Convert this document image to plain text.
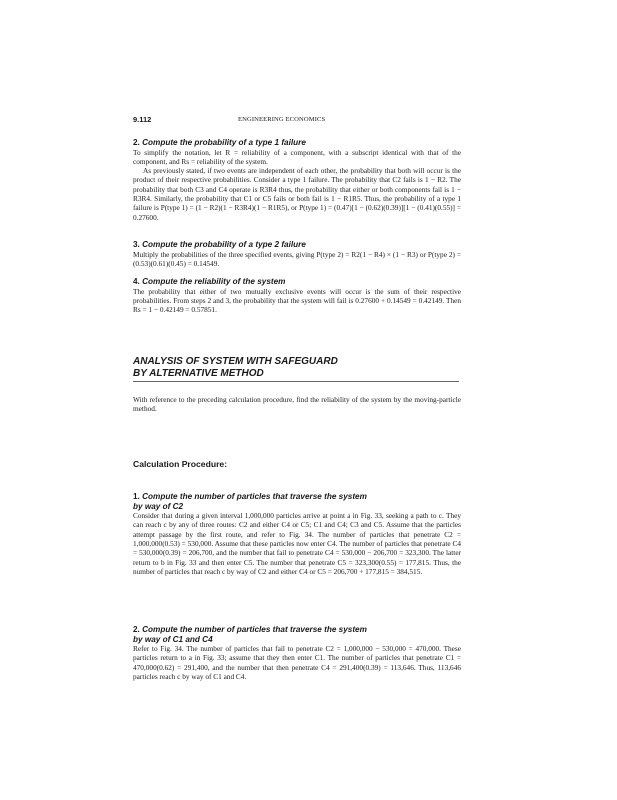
9.112	ENGINEERING ECONOMICS
2. Compute the probability of a type 1 failure

To simplify the notation, let R = reliability of a component, with a subscript identical with that of the component, and Rs = reliability of the system.

As previously stated, if two events are independent of each other, the probability that both will occur is the product of their respective probabilities. Consider a type 1 failure. The probability that C2 fails is 1 − R2. The probability that both C3 and C4 operate is R3R4 thus, the probability that either or both components fail is 1 − R3R4. Similarly, the probability that C1 or C5 fails or both fail is 1 − R1R5. Thus, the probability of a type 1 failure is P(type 1) = (1 − R2)(1 − R3R4)(1 − R1R5), or P(type 1) = (0.47)[1 − (0.62)(0.39)][1 − (0.41)(0.55)] = 0.27600.

3. Compute the probability of a type 2 failure

Multiply the probabilities of the three specified events, giving P(type 2) = R2(1 − R4) × (1 − R3) or P(type 2) = (0.53)(0.61)(0.45) = 0.14549.

4. Compute the reliability of the system

The probability that either of two mutually exclusive events will occur is the sum of their respective probabilities. From steps 2 and 3, the probability that the system will fail is 0.27600 + 0.14549 = 0.42149. Then Rs = 1 − 0.42149 = 0.57851.

ANALYSIS OF SYSTEM WITH SAFEGUARD
BY ALTERNATIVE METHOD

With reference to the preceding calculation procedure, find the reliability of the system by the moving-particle method.

Calculation Procedure:
1. Compute the number of particles that traverse the system
by way of C2

Consider that during a given interval 1,000,000 particles arrive at point a in Fig. 33, seeking a path to c. They can reach c by any of three routes: C2 and either C4 or C5; C1 and C4; C3 and C5. Assume that the particles attempt passage by the first route, and refer to Fig. 34. The number of particles that penetrate C2 = 1,000,000(0.53) = 530,000. Assume that these particles now enter C4. The number of particles that penetrate C4 = 530,000(0.39) = 206,700, and the number that fail to penetrate C4 = 530,000 − 206,700 = 323,300. The latter return to b in Fig. 33 and then enter C5. The number that penetrate C5 = 323,300(0.55) = 177,815. Thus, the number of particles that reach c by way of C2 and either C4 or C5 = 206,700 + 177,815 = 384,515.

2. Compute the number of particles that traverse the system
by way of C1 and C4

Refer to Fig. 34. The number of particles that fail to penetrate C2 = 1,000,000 − 530,000 = 470,000. These particles return to a in Fig. 33; assume that they then enter C1. The number of particles that penetrate C1 = 470,000(0.62) = 291,400, and the number that then penetrate C4 = 291,400(0.39) = 113,646. Thus, 113,646 particles reach c by way of C1 and C4.
